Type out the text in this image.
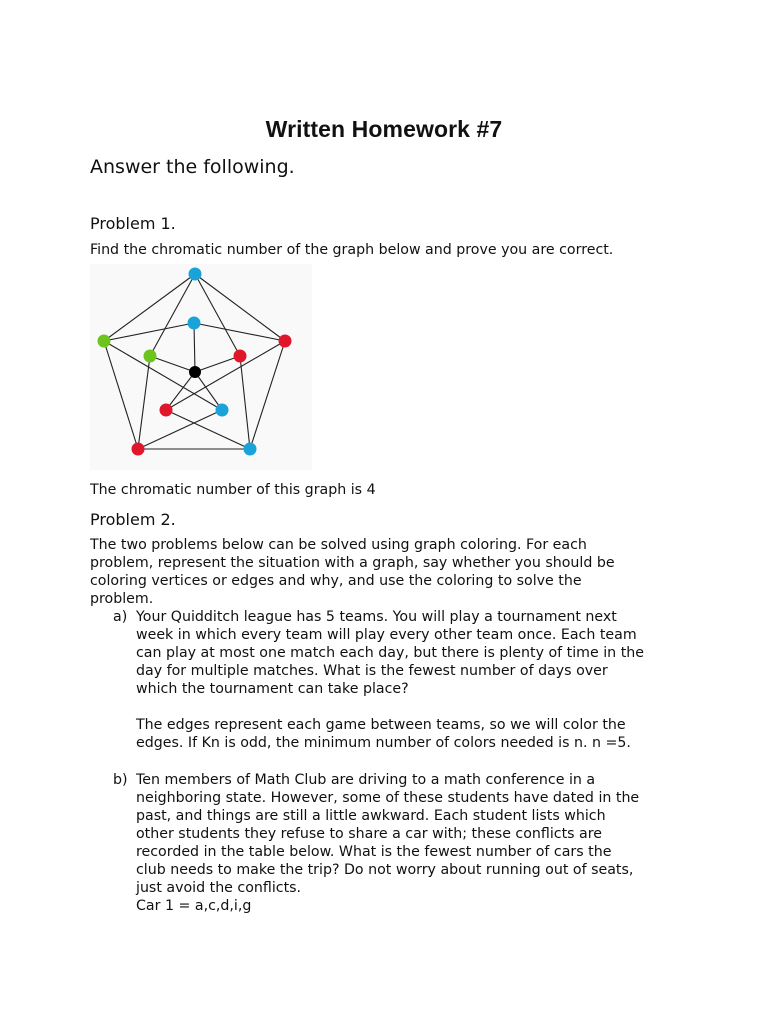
Written Homework #7
Answer the following.
Problem 1.
Find the chromatic number of the graph below and prove you are correct.
The chromatic number of this graph is 4
Problem 2.
The two problems below can be solved using graph coloring. For each
problem, represent the situation with a graph, say whether you should be
coloring vertices or edges and why, and use the coloring to solve the
problem.
a) Your Quidditch league has 5 teams. You will play a tournament next
week in which every team will play every other team once. Each team
can play at most one match each day, but there is plenty of time in the
day for multiple matches. What is the fewest number of days over
which the tournament can take place?
The edges represent each game between teams, so we will color the
edges. If Kn is odd, the minimum number of colors needed is n. n =5.
b) Ten members of Math Club are driving to a math conference in a
neighboring state. However, some of these students have dated in the
past, and things are still a little awkward. Each student lists which
other students they refuse to share a car with; these conflicts are
recorded in the table below. What is the fewest number of cars the
club needs to make the trip? Do not worry about running out of seats,
just avoid the conflicts.
Car 1 = a,c,d,i,g
